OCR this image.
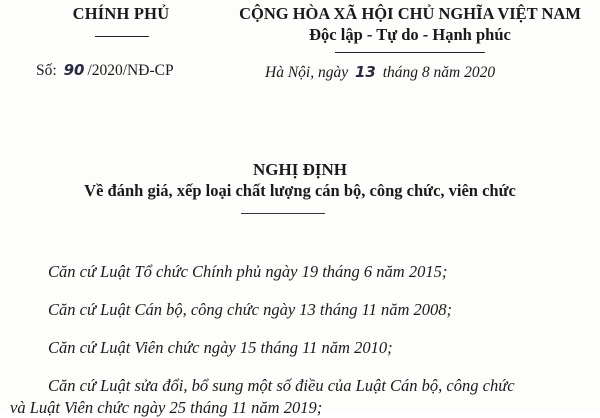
CHÍNH PHỦ
Số: 90 /2020/NĐ-CP
CỘNG HÒA XÃ HỘI CHỦ NGHĨA VIỆT NAM
Độc lập - Tự do - Hạnh phúc
Hà Nội, ngày 13 tháng 8 năm 2020
NGHỊ ĐỊNH
Về đánh giá, xếp loại chất lượng cán bộ, công chức, viên chức
Căn cứ Luật Tổ chức Chính phủ ngày 19 tháng 6 năm 2015;
Căn cứ Luật Cán bộ, công chức ngày 13 tháng 11 năm 2008;
Căn cứ Luật Viên chức ngày 15 tháng 11 năm 2010;
Căn cứ Luật sửa đổi, bổ sung một số điều của Luật Cán bộ, công chức
và Luật Viên chức ngày 25 tháng 11 năm 2019;
